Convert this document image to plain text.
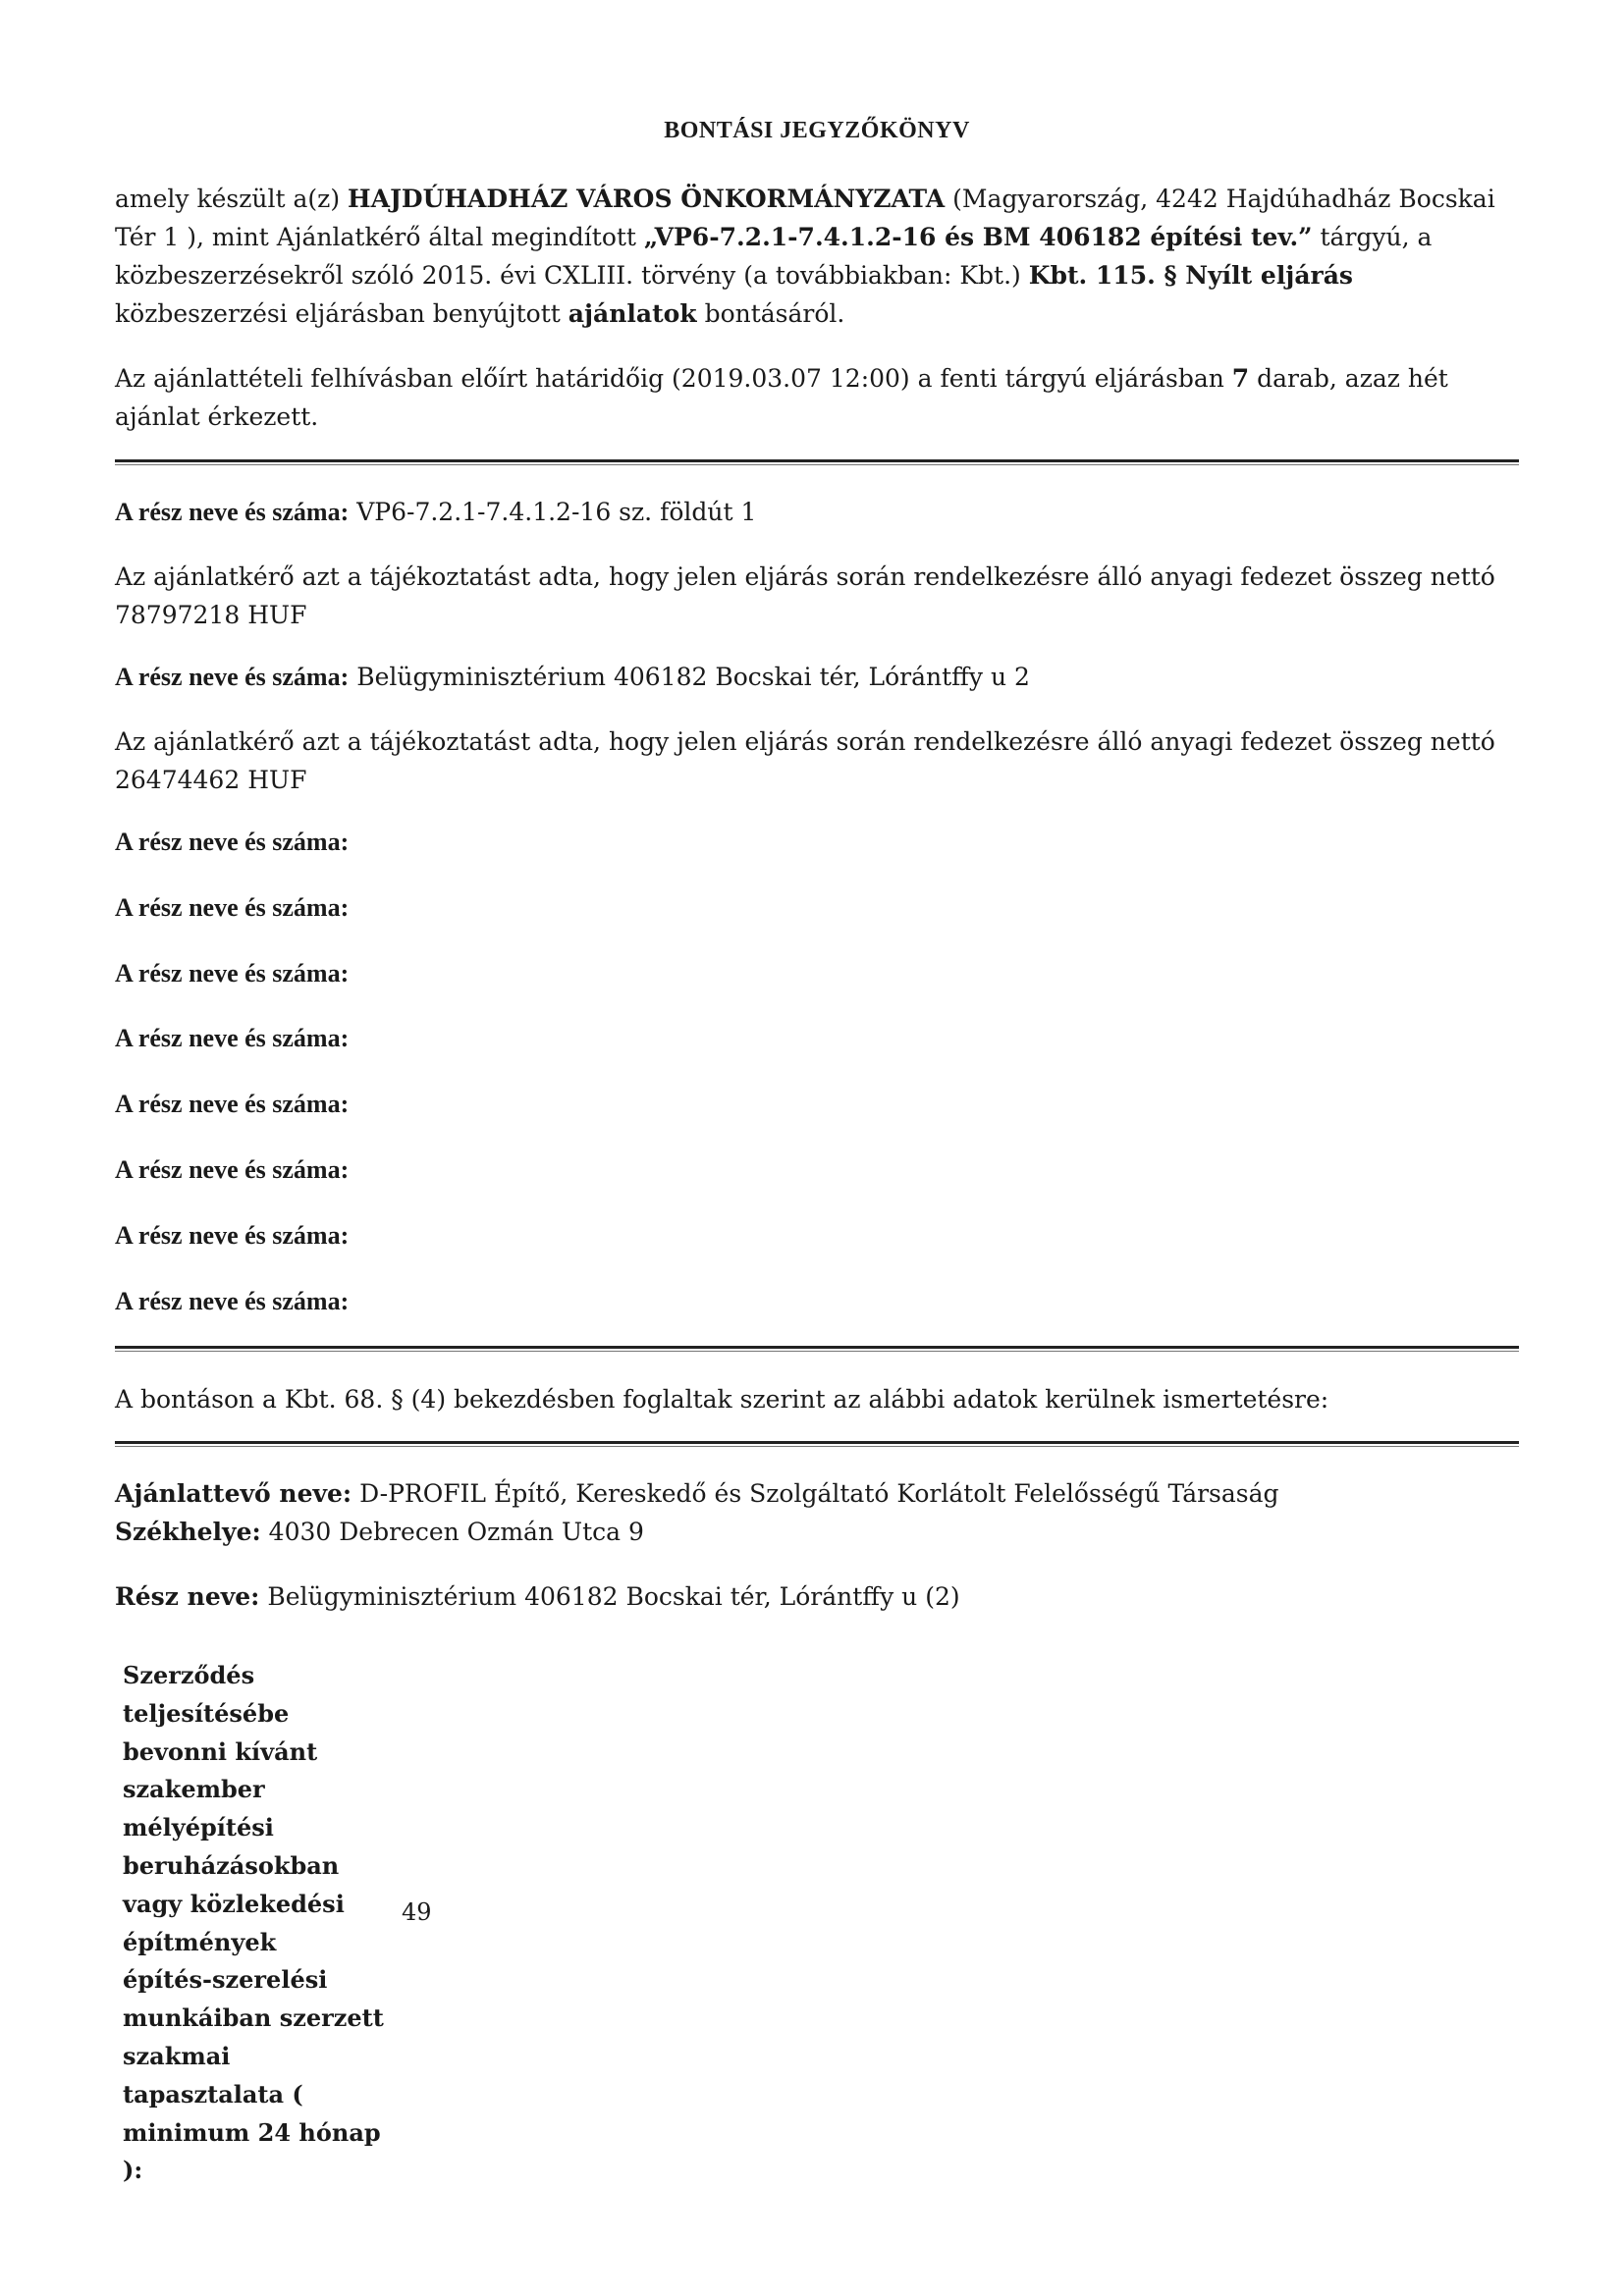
BONTÁSI JEGYZŐKÖNYV
amely készült a(z) HAJDÚHADHÁZ VÁROS ÖNKORMÁNYZATA (Magyarország, 4242 Hajdúhadház Bocskai Tér 1 ), mint Ajánlatkérő által megindított „VP6-7.2.1-7.4.1.2-16 és BM 406182 építési tev.” tárgyú, a közbeszerzésekről szóló 2015. évi CXLIII. törvény (a továbbiakban: Kbt.) Kbt. 115. § Nyílt eljárás közbeszerzési eljárásban benyújtott ajánlatok bontásáról.
Az ajánlattételi felhívásban előírt határidőig (2019.03.07 12:00) a fenti tárgyú eljárásban 7 darab, azaz hét ajánlat érkezett.
A rész neve és száma: VP6-7.2.1-7.4.1.2-16 sz. földút 1
Az ajánlatkérő azt a tájékoztatást adta, hogy jelen eljárás során rendelkezésre álló anyagi fedezet összeg nettó 78797218 HUF
A rész neve és száma: Belügyminisztérium 406182 Bocskai tér, Lórántffy u 2
Az ajánlatkérő azt a tájékoztatást adta, hogy jelen eljárás során rendelkezésre álló anyagi fedezet összeg nettó 26474462 HUF
A rész neve és száma:
A rész neve és száma:
A rész neve és száma:
A rész neve és száma:
A rész neve és száma:
A rész neve és száma:
A rész neve és száma:
A rész neve és száma:
A bontáson a Kbt. 68. § (4) bekezdésben foglaltak szerint az alábbi adatok kerülnek ismertetésre:
Ajánlattevő neve: D-PROFIL Építő, Kereskedő és Szolgáltató Korlátolt Felelősségű Társaság
Székhelye: 4030 Debrecen Ozmán Utca 9
Rész neve: Belügyminisztérium 406182 Bocskai tér, Lórántffy u (2)
Szerződés
teljesítésébe
bevonni kívánt
szakember
mélyépítési
beruházásokban
vagy közlekedési
építmények
építés-szerelési
munkáiban szerzett
szakmai
tapasztalata (
minimum 24 hónap
):
49
